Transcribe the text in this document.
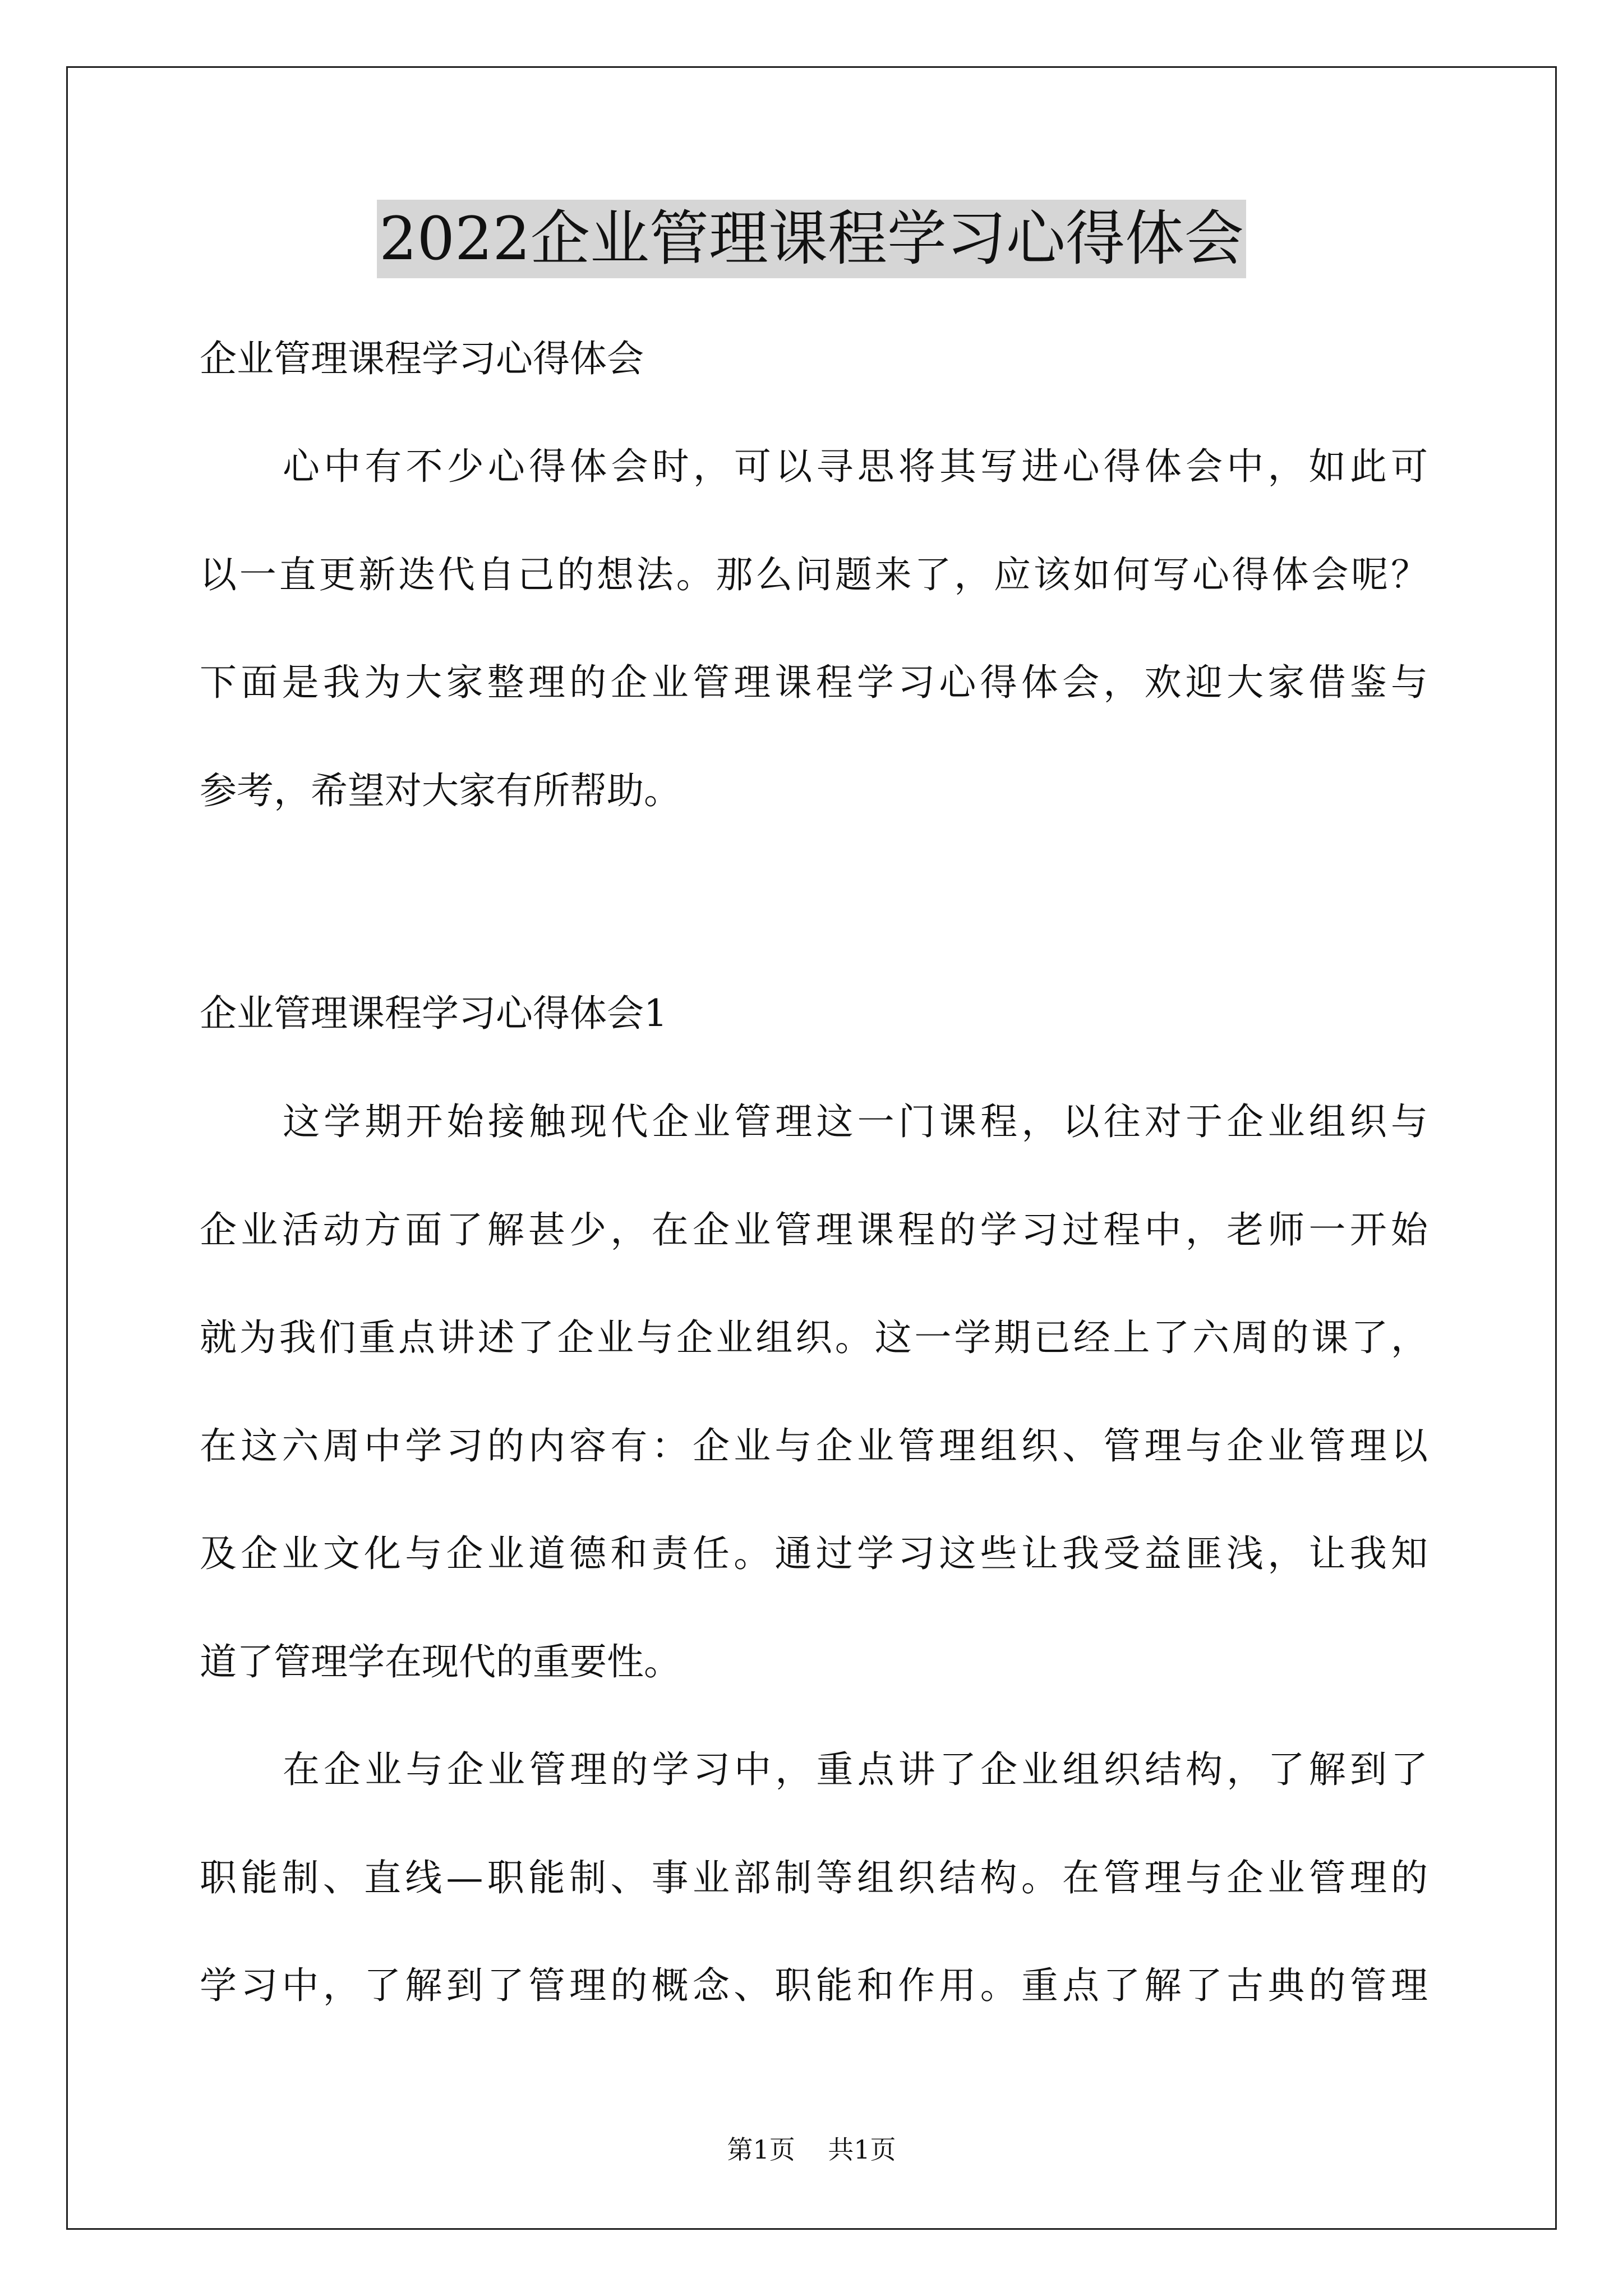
2022企业管理课程学习心得体会
企业管理课程学习心得体会
心中有不少心得体会时，可以寻思将其写进心得体会中，如此可
以一直更新迭代自己的想法。那么问题来了，应该如何写心得体会呢？
下面是我为大家整理的企业管理课程学习心得体会，欢迎大家借鉴与
参考，希望对大家有所帮助。
企业管理课程学习心得体会1
这学期开始接触现代企业管理这一门课程，以往对于企业组织与
企业活动方面了解甚少，在企业管理课程的学习过程中，老师一开始
就为我们重点讲述了企业与企业组织。这一学期已经上了六周的课了，
在这六周中学习的内容有：企业与企业管理组织、管理与企业管理以
及企业文化与企业道德和责任。通过学习这些让我受益匪浅，让我知
道了管理学在现代的重要性。
在企业与企业管理的学习中，重点讲了企业组织结构，了解到了
职能制、直线—职能制、事业部制等组织结构。在管理与企业管理的
学习中，了解到了管理的概念、职能和作用。重点了解了古典的管理
第1页 共1页
